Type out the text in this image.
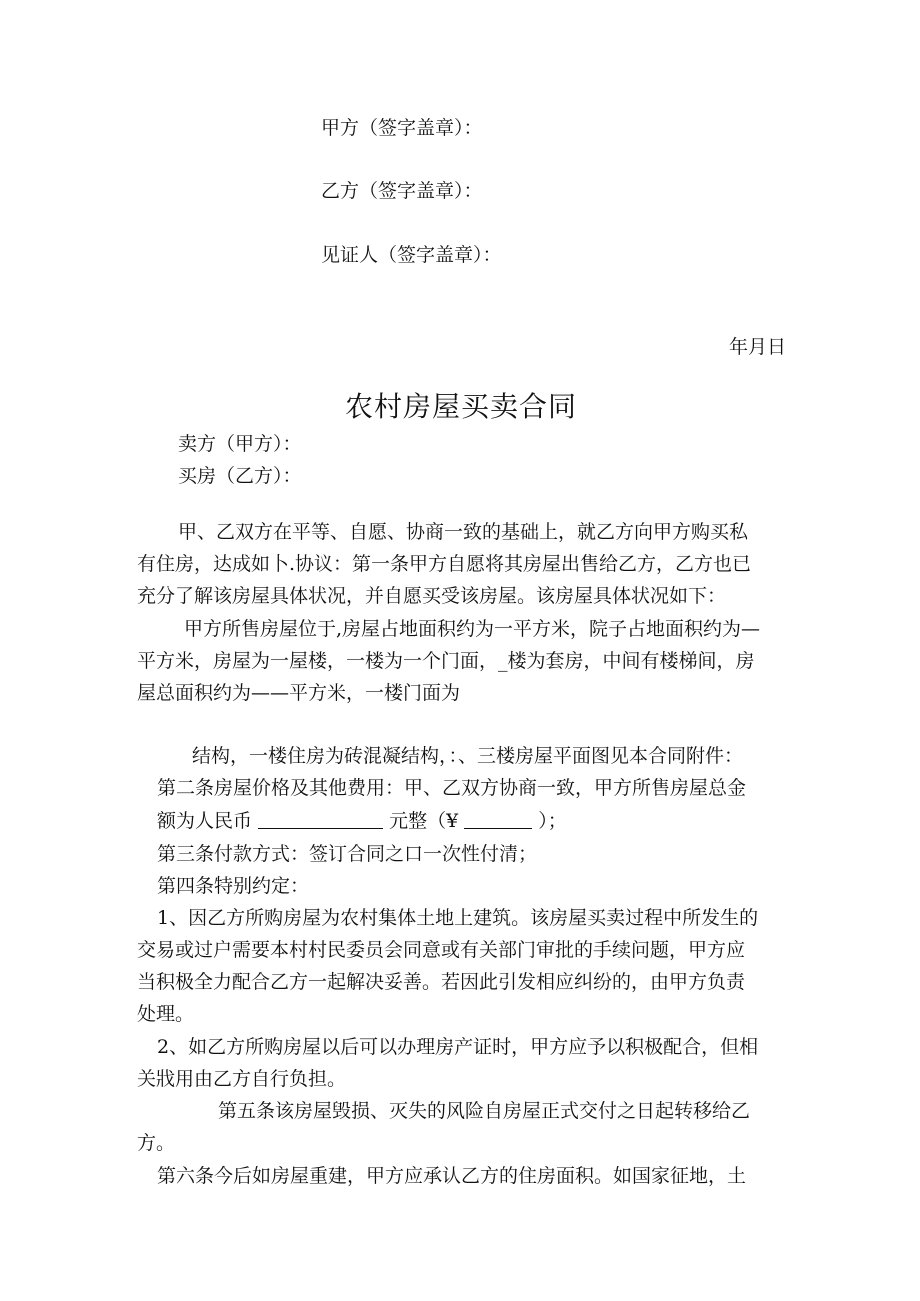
甲方（签字盖章）：
乙方（签字盖章）：
见证人（签字盖章）：
年月日
农村房屋买卖合同
卖方（甲方）：
买房（乙方）：
甲、乙双方在平等、自愿、协商一致的基础上，就乙方向甲方购买私
有住房，达成如卜.协议：第一条甲方自愿将其房屋出售给乙方，乙方也已
充分了解该房屋具体状况，并自愿买受该房屋。该房屋具体状况如下：
甲方所售房屋位于,房屋占地面积约为一平方米，院子占地面积约为—
平方米，房屋为一屋楼，一楼为一个门面，_楼为套房，中间有楼梯间，房
屋总面积约为——平方米，一楼门面为
结构，一楼住房为砖混凝结构，：、三楼房屋平面图见本合同附件：
第二条房屋价格及其他费用：甲、乙双方协商一致，甲方所售房屋总金
额为人民币	元整（¥	）；
第三条付款方式：签订合同之口一次性付清；
第四条特别约定：
1、因乙方所购房屋为农村集体土地上建筑。该房屋买卖过程中所发生的
交易或过户需要本村村民委员会同意或有关部门审批的手续问题，甲方应
当积极全力配合乙方一起解决妥善。若因此引发相应纠纷的，由甲方负责
处理。
2、如乙方所购房屋以后可以办理房产证时，甲方应予以积极配合，但相
关戕用由乙方自行负担。
第五条该房屋毁损、灭失的风险自房屋正式交付之日起转移给乙
方。
第六条今后如房屋重建，甲方应承认乙方的住房面积。如国家征地，土
